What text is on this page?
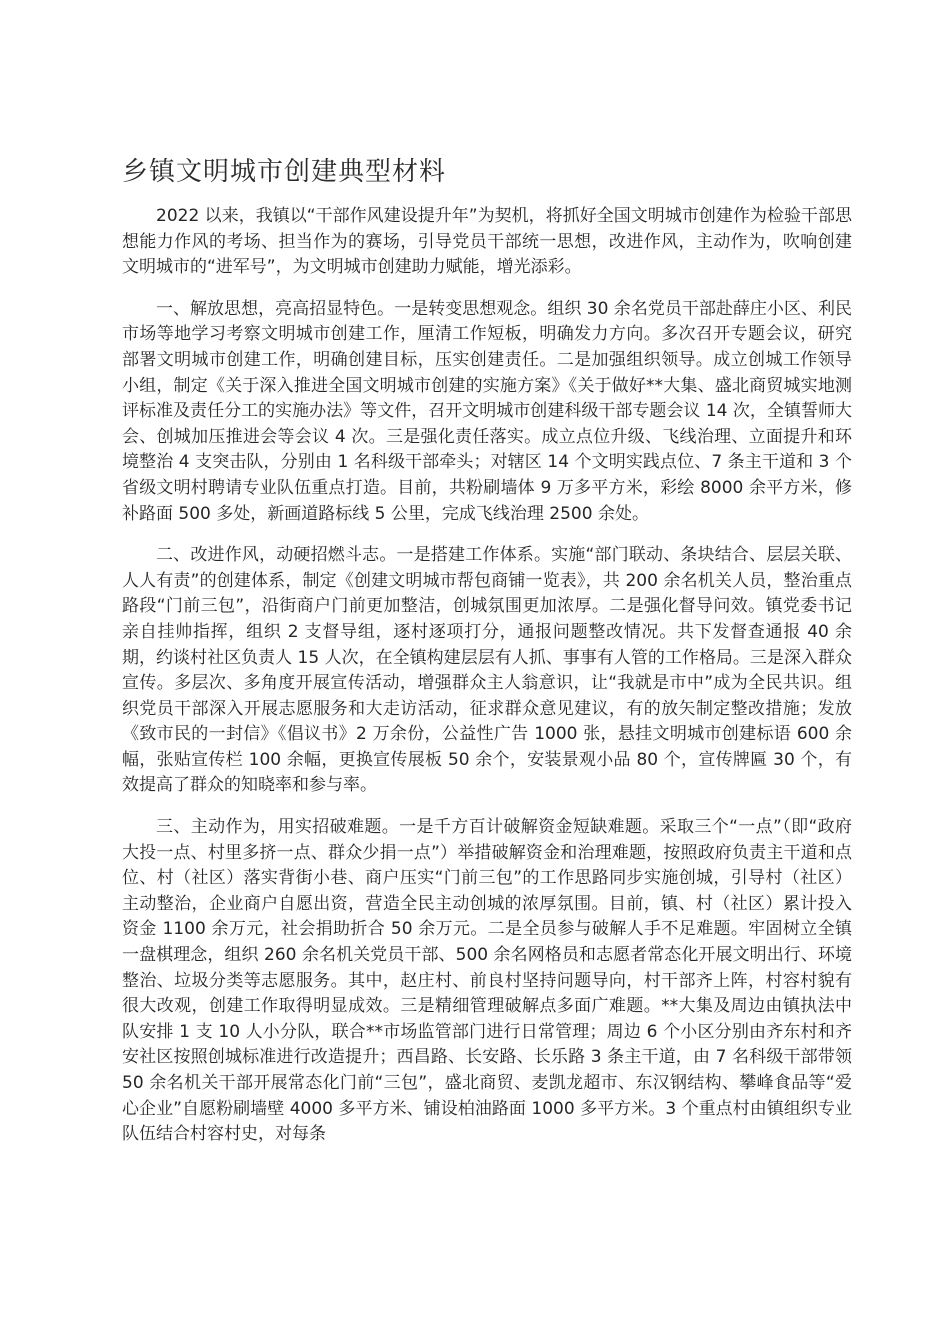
乡镇文明城市创建典型材料

2022 以来，我镇以“干部作风建设提升年”为契机，将抓好全国文明城市创建作为检验干部思想能力作风的考场、担当作为的赛场，引导党员干部统一思想，改进作风，主动作为，吹响创建文明城市的“进军号”，为文明城市创建助力赋能，增光添彩。

一、解放思想，亮高招显特色。一是转变思想观念。组织 30 余名党员干部赴薛庄小区、利民市场等地学习考察文明城市创建工作，厘清工作短板，明确发力方向。多次召开专题会议，研究部署文明城市创建工作，明确创建目标，压实创建责任。二是加强组织领导。成立创城工作领导小组，制定《关于深入推进全国文明城市创建的实施方案》《关于做好**大集、盛北商贸城实地测评标准及责任分工的实施办法》等文件，召开文明城市创建科级干部专题会议 14 次，全镇誓师大会、创城加压推进会等会议 4 次。三是强化责任落实。成立点位升级、飞线治理、立面提升和环境整治 4 支突击队，分别由 1 名科级干部牵头；对辖区 14 个文明实践点位、7 条主干道和 3 个省级文明村聘请专业队伍重点打造。目前，共粉刷墙体 9 万多平方米，彩绘 8000 余平方米，修补路面 500 多处，新画道路标线 5 公里，完成飞线治理 2500 余处。

二、改进作风，动硬招燃斗志。一是搭建工作体系。实施“部门联动、条块结合、层层关联、人人有责”的创建体系，制定《创建文明城市帮包商铺一览表》，共 200 余名机关人员，整治重点路段“门前三包”，沿街商户门前更加整洁，创城氛围更加浓厚。二是强化督导问效。镇党委书记亲自挂帅指挥，组织 2 支督导组，逐村逐项打分，通报问题整改情况。共下发督查通报 40 余期，约谈村社区负责人 15 人次，在全镇构建层层有人抓、事事有人管的工作格局。三是深入群众宣传。多层次、多角度开展宣传活动，增强群众主人翁意识，让“我就是市中”成为全民共识。组织党员干部深入开展志愿服务和大走访活动，征求群众意见建议，有的放矢制定整改措施；发放《致市民的一封信》《倡议书》2 万余份，公益性广告 1000 张，悬挂文明城市创建标语 600 余幅，张贴宣传栏 100 余幅，更换宣传展板 50 余个，安装景观小品 80 个，宣传牌匾 30 个，有效提高了群众的知晓率和参与率。

三、主动作为，用实招破难题。一是千方百计破解资金短缺难题。采取三个“一点”（即“政府大投一点、村里多挤一点、群众少捐一点”）举措破解资金和治理难题，按照政府负责主干道和点位、村（社区）落实背街小巷、商户压实“门前三包”的工作思路同步实施创城，引导村（社区）主动整治，企业商户自愿出资，营造全民主动创城的浓厚氛围。目前，镇、村（社区）累计投入资金 1100 余万元，社会捐助折合 50 余万元。二是全员参与破解人手不足难题。牢固树立全镇一盘棋理念，组织 260 余名机关党员干部、500 余名网格员和志愿者常态化开展文明出行、环境整治、垃圾分类等志愿服务。其中，赵庄村、前良村坚持问题导向，村干部齐上阵，村容村貌有很大改观，创建工作取得明显成效。三是精细管理破解点多面广难题。**大集及周边由镇执法中队安排 1 支 10 人小分队，联合**市场监管部门进行日常管理；周边 6 个小区分别由齐东村和齐安社区按照创城标准进行改造提升；西昌路、长安路、长乐路 3 条主干道，由 7 名科级干部带领 50 余名机关干部开展常态化门前“三包”，盛北商贸、麦凯龙超市、东汉钢结构、攀峰食品等“爱心企业”自愿粉刷墙壁 4000 多平方米、铺设柏油路面 1000 多平方米。3 个重点村由镇组织专业队伍结合村容村史，对每条
